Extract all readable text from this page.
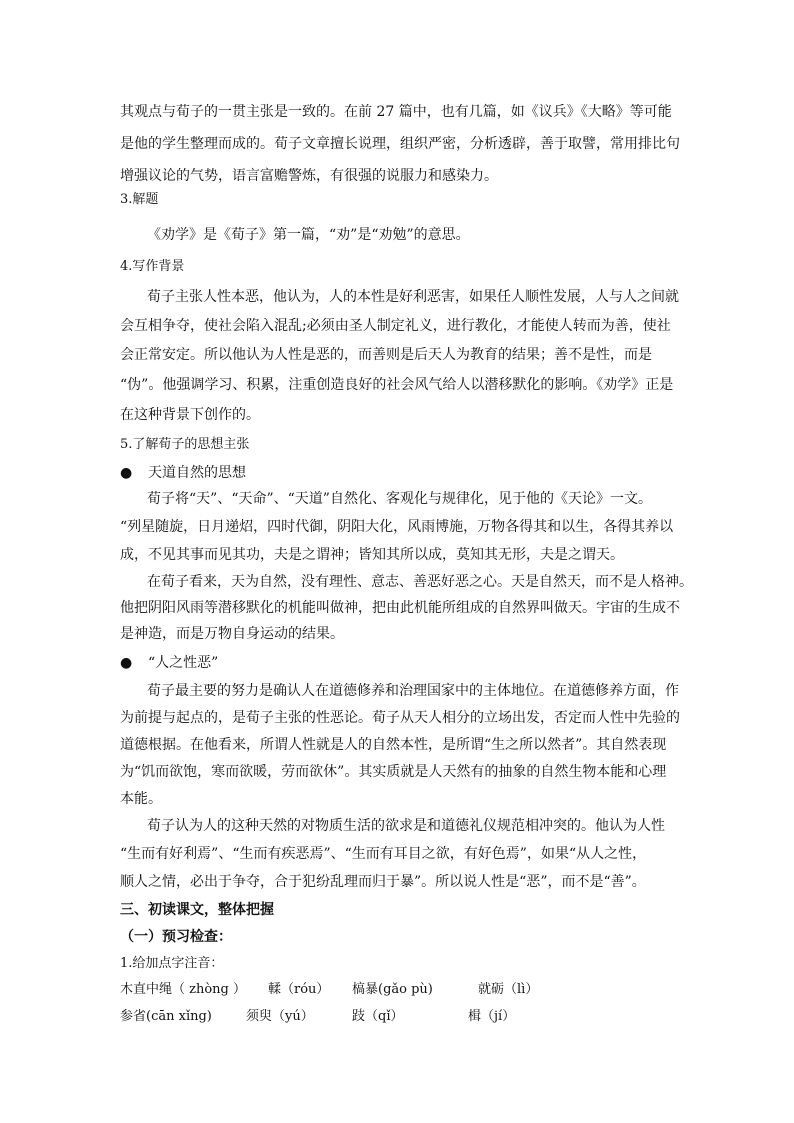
其观点与荀子的一贯主张是一致的。在前 27 篇中，也有几篇，如《议兵》《大略》等可能
是他的学生整理而成的。荀子文章擅长说理，组织严密，分析透辟，善于取譬，常用排比句
增强议论的气势，语言富赡警炼，有很强的说服力和感染力。
3.解题
《劝学》是《荀子》第一篇，“劝”是“劝勉”的意思。
4.写作背景
荀子主张人性本恶，他认为，人的本性是好利恶害，如果任人顺性发展，人与人之间就
会互相争夺，使社会陷入混乱;必须由圣人制定礼义，进行教化，才能使人转而为善，使社
会正常安定。所以他认为人性是恶的，而善则是后天人为教育的结果；善不是性，而是
“伪”。他强调学习、积累，注重创造良好的社会风气给人以潜移默化的影响。《劝学》正是
在这种背景下创作的。
5.了解荀子的思想主张
● 天道自然的思想
荀子将“天”、“天命”、“天道”自然化、客观化与规律化，见于他的《天论》一文。
“列星随旋，日月递炤，四时代御，阴阳大化，风雨博施，万物各得其和以生，各得其养以
成，不见其事而见其功，夫是之谓神；皆知其所以成，莫知其无形，夫是之谓天。
在荀子看来，天为自然，没有理性、意志、善恶好恶之心。天是自然天，而不是人格神。
他把阴阳风雨等潜移默化的机能叫做神，把由此机能所组成的自然界叫做天。宇宙的生成不
是神造，而是万物自身运动的结果。
● “人之性恶”
荀子最主要的努力是确认人在道德修养和治理国家中的主体地位。在道德修养方面，作
为前提与起点的，是荀子主张的性恶论。荀子从天人相分的立场出发，否定而人性中先验的
道德根据。在他看来，所谓人性就是人的自然本性，是所谓“生之所以然者”。其自然表现
为“饥而欲饱，寒而欲暖，劳而欲休”。其实质就是人天然有的抽象的自然生物本能和心理
本能。
荀子认为人的这种天然的对物质生活的欲求是和道德礼仪规范相冲突的。他认为人性
“生而有好利焉”、“生而有疾恶焉”、“生而有耳目之欲，有好色焉”，如果“从人之性，
顺人之情，必出于争夺，合于犯纷乱理而归于暴”。所以说人性是“恶”，而不是“善”。
三、初读课文，整体把握
（一）预习检查：
1.给加点字注音：
木直中绳（ zhòng ） 輮（róu） 槁暴(gǎo pù)	就砺（lì）
参省(cān xǐng)	须臾（yú）	跂（qǐ）	楫（jí）
